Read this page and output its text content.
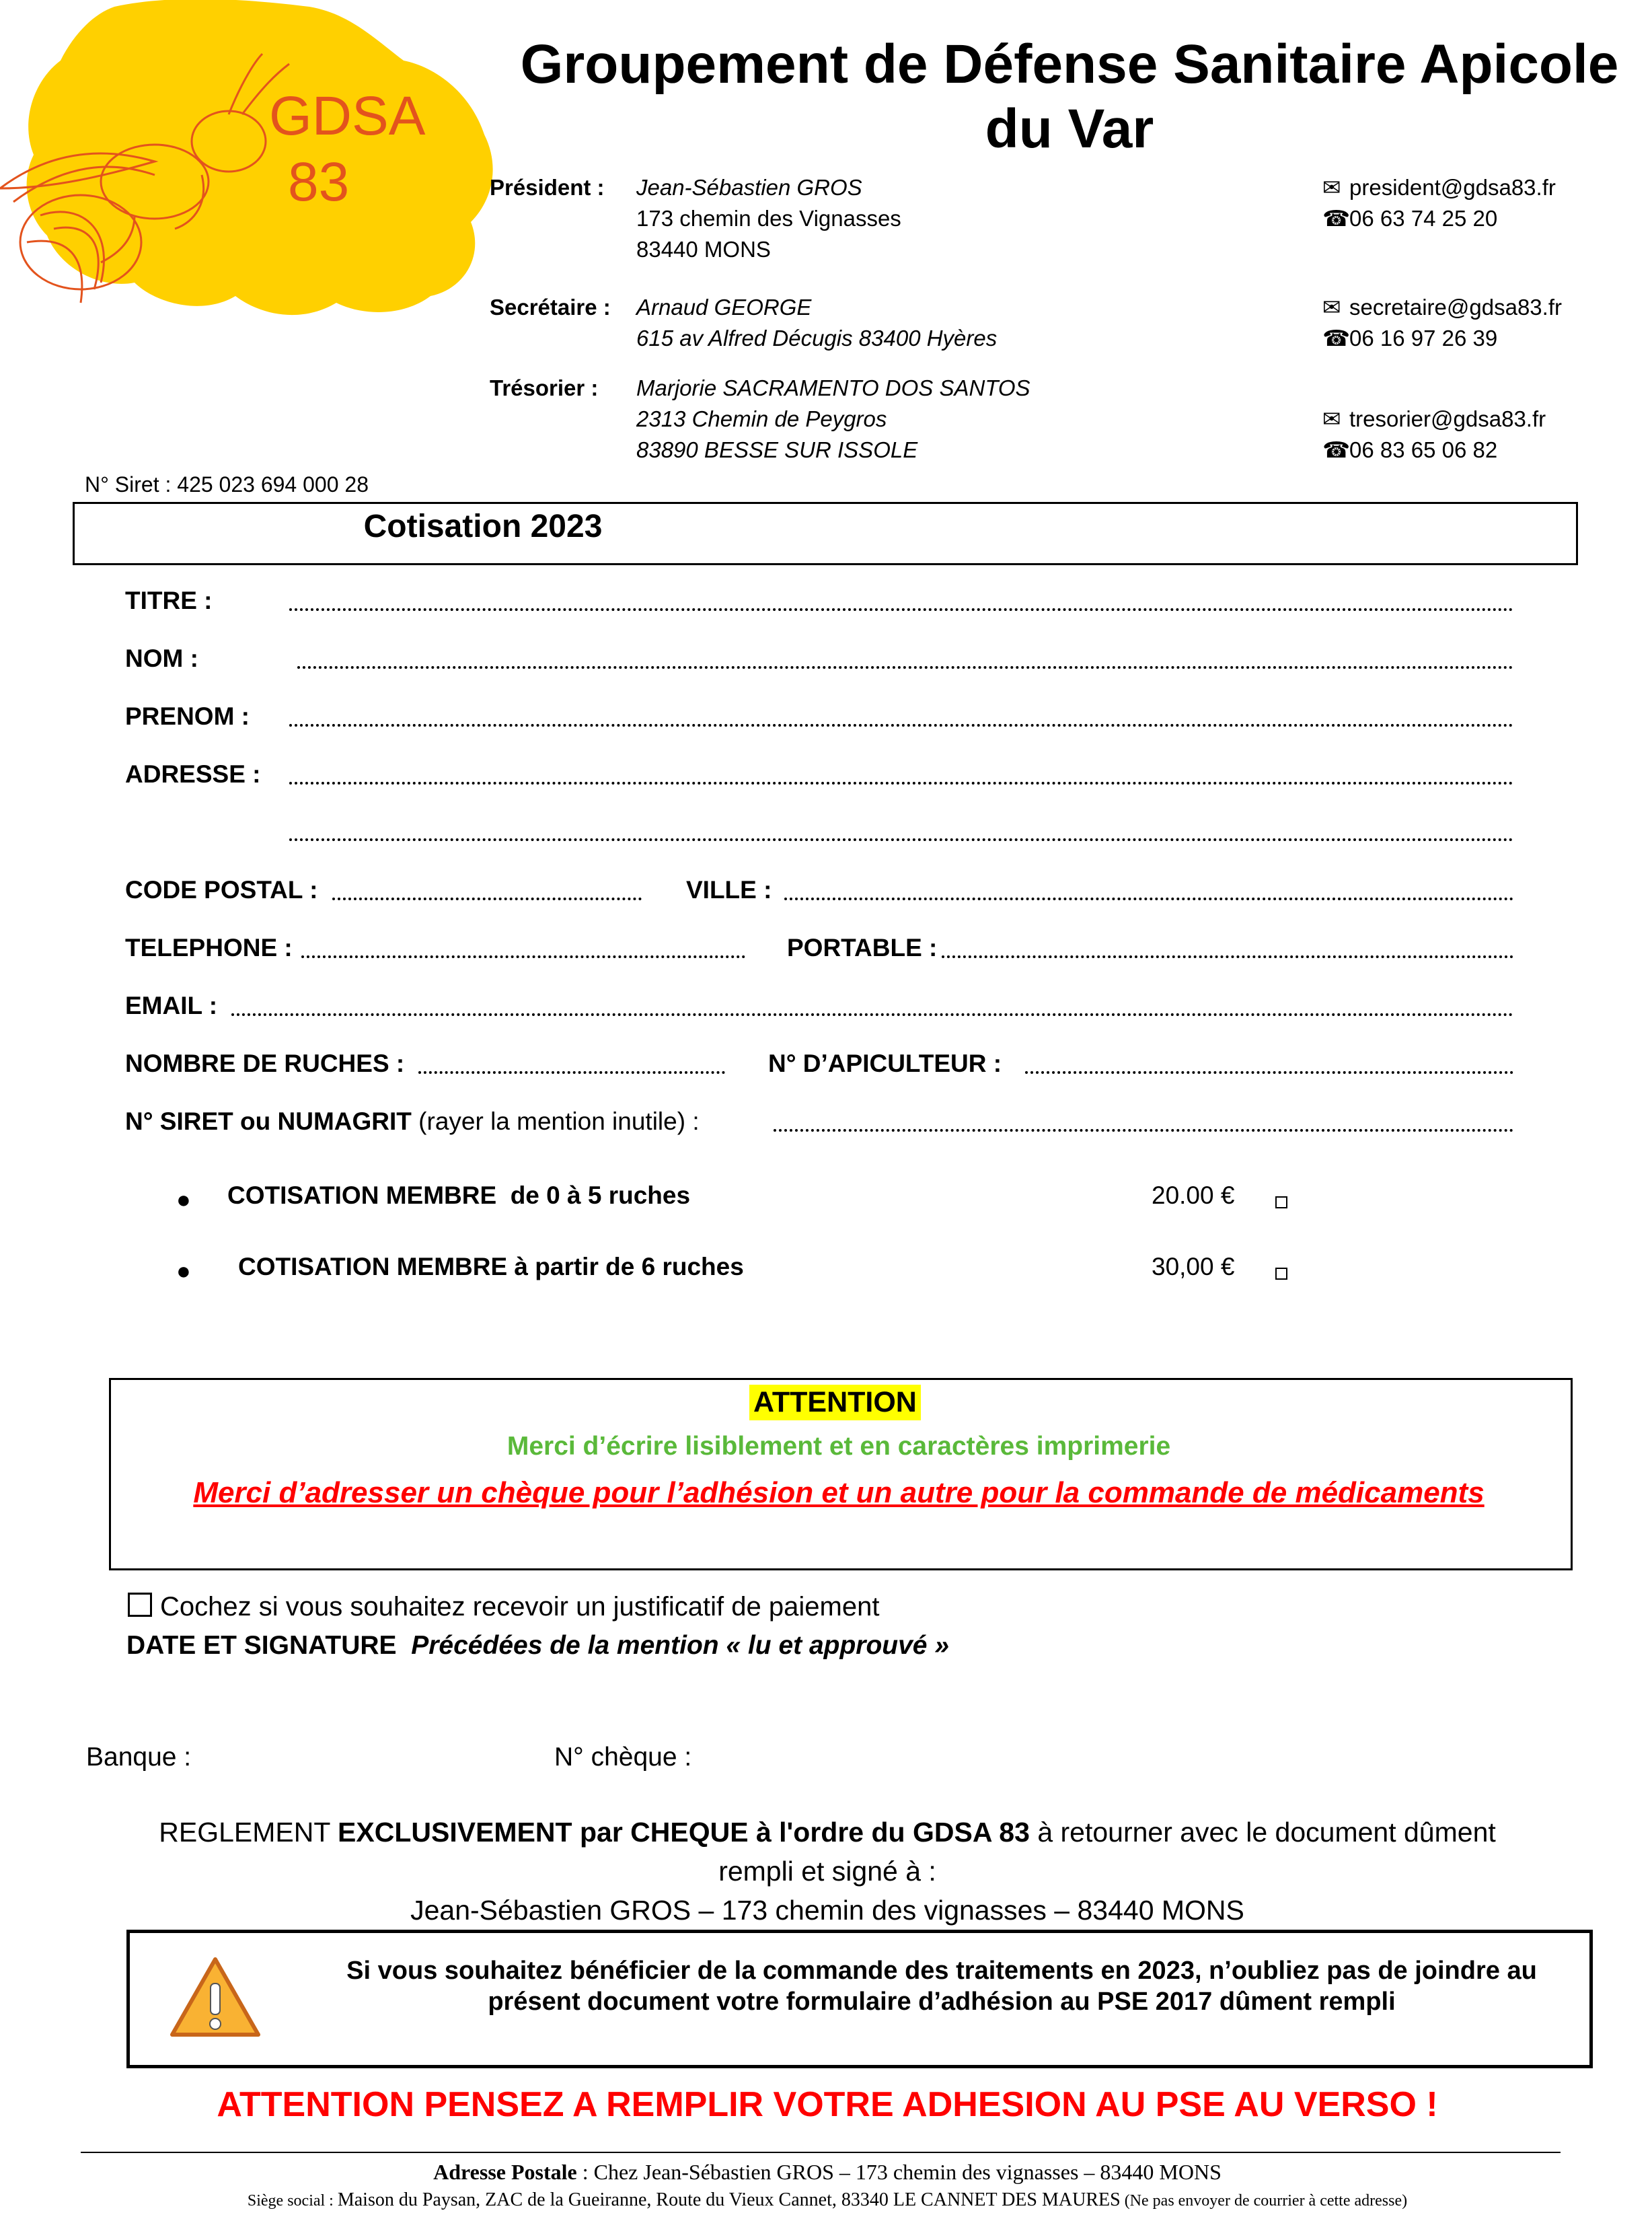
GDSA
83
Groupement de Défense Sanitaire Apicole
du Var
Président : Jean-Sébastien GROS
173 chemin des Vignasses
83440 MONS
✉ president@gdsa83.fr
☎06 63 74 25 20
Secrétaire : Arnaud GEORGE
615 av Alfred Décugis 83400 Hyères
✉ secretaire@gdsa83.fr
☎06 16 97 26 39
Trésorier : Marjorie SACRAMENTO DOS SANTOS
2313 Chemin de Peygros
83890 BESSE SUR ISSOLE
✉ tresorier@gdsa83.fr
☎06 83 65 06 82
N° Siret : 425 023 694 000 28
Cotisation 2023
TITRE :
NOM :
PRENOM :
ADRESSE :
CODE POSTAL :	VILLE :
TELEPHONE :	PORTABLE :
EMAIL :
NOMBRE DE RUCHES :	N° D’APICULTEUR :
N° SIRET ou NUMAGRIT (rayer la mention inutile) :
● COTISATION MEMBRE  de 0 à 5 ruches	20.00 €
● COTISATION MEMBRE à partir de 6 ruches	30,00 €
ATTENTION
Merci d’écrire lisiblement et en caractères imprimerie
Merci d’adresser un chèque pour l’adhésion et un autre pour la commande de médicaments
Cochez si vous souhaitez recevoir un justificatif de paiement
DATE ET SIGNATURE Précédées de la mention « lu et approuvé »
Banque :	N° chèque :
REGLEMENT EXCLUSIVEMENT par CHEQUE à l'ordre du GDSA 83 à retourner avec le document dûment
rempli et signé à :
Jean-Sébastien GROS – 173 chemin des vignasses – 83440 MONS
Si vous souhaitez bénéficier de la commande des traitements en 2023, n’oubliez pas de joindre au présent document votre formulaire d’adhésion au PSE 2017 dûment rempli
ATTENTION PENSEZ A REMPLIR VOTRE ADHESION AU PSE AU VERSO !
Adresse Postale : Chez Jean-Sébastien GROS – 173 chemin des vignasses – 83440 MONS
Siège social : Maison du Paysan, ZAC de la Gueiranne, Route du Vieux Cannet, 83340 LE CANNET DES MAURES (Ne pas envoyer de courrier à cette adresse)
